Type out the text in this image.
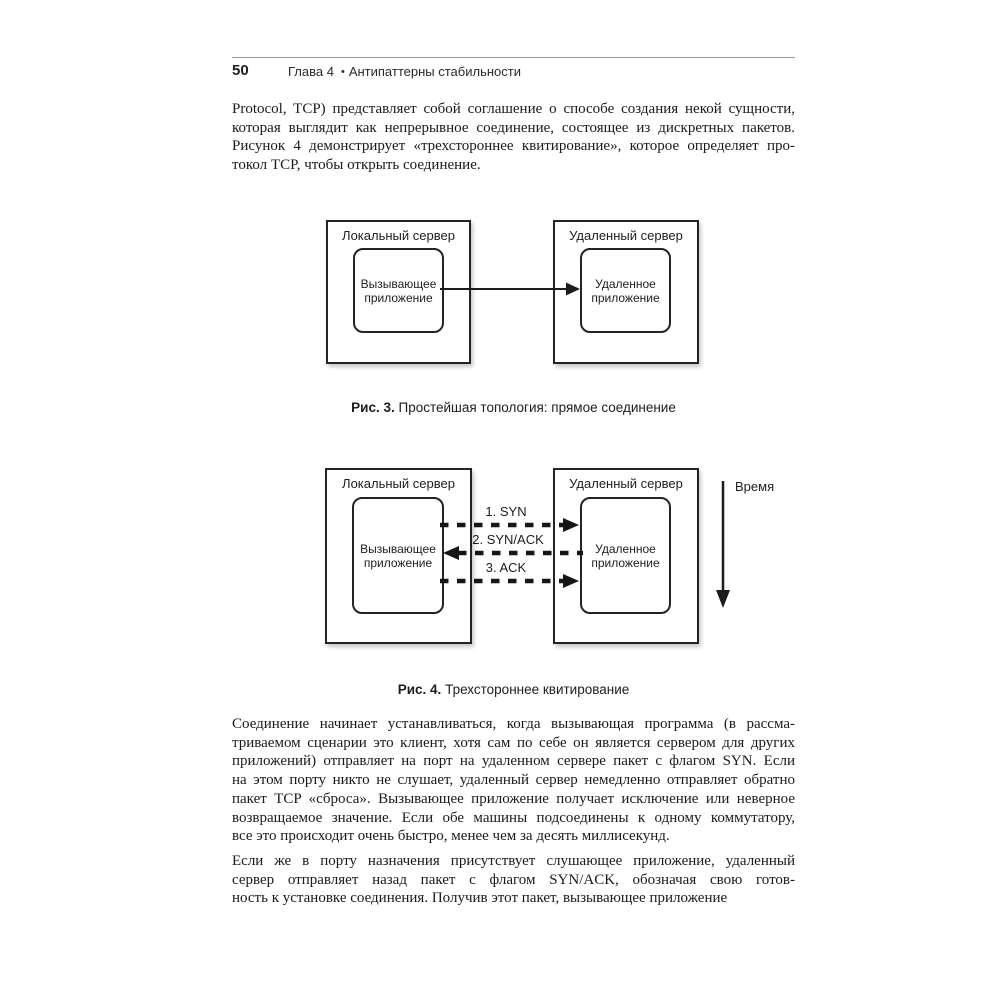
50	Глава 4 • Антипаттерны стабильности
Protocol, TCP) представляет собой соглашение о способе создания некой сущности,
которая выглядит как непрерывное соединение, состоящее из дискретных пакетов.
Рисунок 4 демонстрирует «трехстороннее квитирование», которое определяет про-
токол TCP, чтобы открыть соединение.
Локальный сервер
Вызывающее приложение
Удаленный сервер
Удаленное приложение
Рис. 3. Простейшая топология: прямое соединение
Локальный сервер
Вызывающее приложение
Удаленный сервер
Удаленное приложение
1. SYN
2. SYN/ACK
3. ACK
Время
Рис. 4. Трехстороннее квитирование
Соединение начинает устанавливаться, когда вызывающая программа (в рассма-
триваемом сценарии это клиент, хотя сам по себе он является сервером для других
приложений) отправляет на порт на удаленном сервере пакет с флагом SYN. Если
на этом порту никто не слушает, удаленный сервер немедленно отправляет обратно
пакет TCP «сброса». Вызывающее приложение получает исключение или неверное
возвращаемое значение. Если обе машины подсоединены к одному коммутатору,
все это происходит очень быстро, менее чем за десять миллисекунд.
Если же в порту назначения присутствует слушающее приложение, удаленный
сервер отправляет назад пакет с флагом SYN/ACK, обозначая свою готов-
ность к установке соединения. Получив этот пакет, вызывающее приложение
